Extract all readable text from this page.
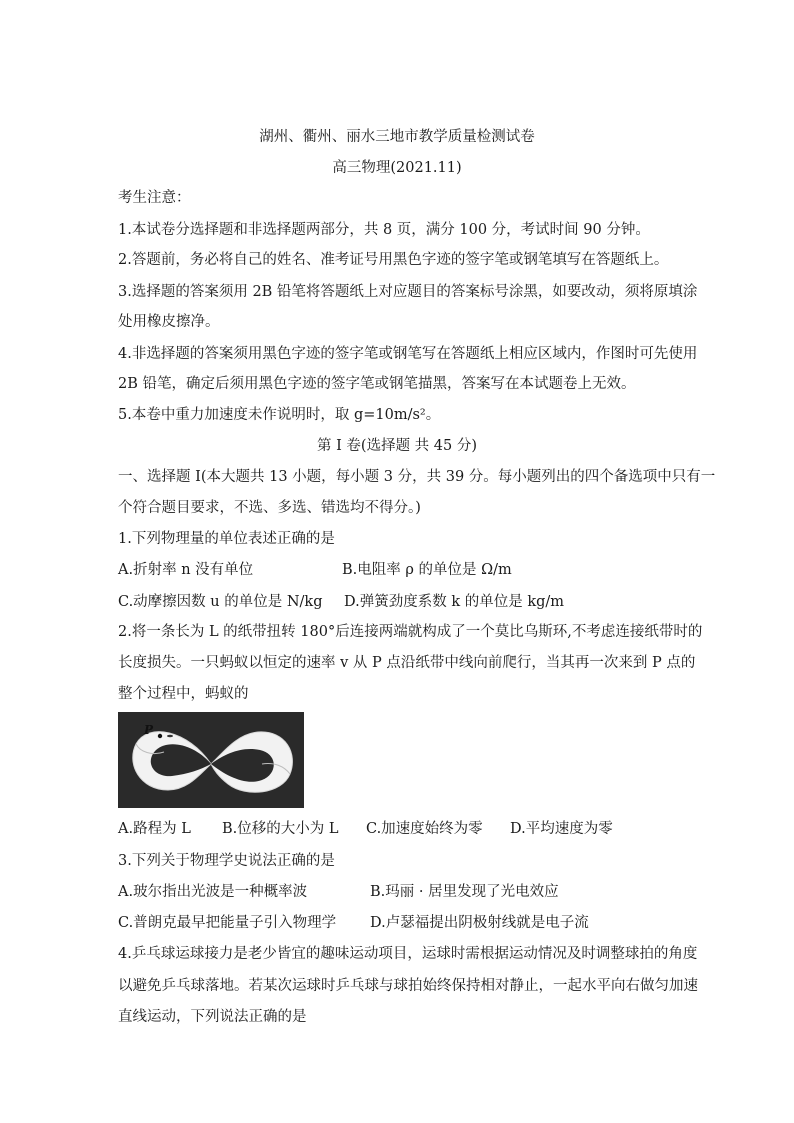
湖州、衢州、丽水三地市教学质量检测试卷
高三物理(2021.11)
考生注意：
1.本试卷分选择题和非选择题两部分，共 8 页，满分 100 分，考试时间 90 分钟。
2.答题前，务必将自己的姓名、准考证号用黑色字迹的签字笔或钢笔填写在答题纸上。
3.选择题的答案须用 2B 铅笔将答题纸上对应题目的答案标号涂黑，如要改动，须将原填涂
处用橡皮擦净。
4.非选择题的答案须用黑色字迹的签字笔或钢笔写在答题纸上相应区域内，作图时可先使用
2B 铅笔，确定后须用黑色字迹的签字笔或钢笔描黑，答案写在本试题卷上无效。
5.本卷中重力加速度未作说明时，取 g=10m/s²。
第 I 卷(选择题 共 45 分)
一、选择题 I(本大题共 13 小题，每小题 3 分，共 39 分。每小题列出的四个备选项中只有一
个符合题目要求，不选、多选、错选均不得分。)
1.下列物理量的单位表述正确的是
A.折射率 n 没有单位	B.电阻率 ρ 的单位是 Ω/m
C.动摩擦因数 u 的单位是 N/kg D.弹簧劲度系数 k 的单位是 kg/m
2.将一条长为 L 的纸带扭转 180°后连接两端就构成了一个莫比乌斯环,不考虑连接纸带时的
长度损失。一只蚂蚁以恒定的速率 v 从 P 点沿纸带中线向前爬行，当其再一次来到 P 点的
整个过程中，蚂蚁的
P
A.路程为 L B.位移的大小为 L C.加速度始终为零 D.平均速度为零
3.下列关于物理学史说法正确的是
A.玻尔指出光波是一种概率波	B.玛丽 · 居里发现了光电效应
C.普朗克最早把能量子引入物理学 D.卢瑟福提出阴极射线就是电子流
4.乒乓球运球接力是老少皆宜的趣味运动项目，运球时需根据运动情况及时调整球拍的角度
以避免乒乓球落地。若某次运球时乒乓球与球拍始终保持相对静止，一起水平向右做匀加速
直线运动，下列说法正确的是
